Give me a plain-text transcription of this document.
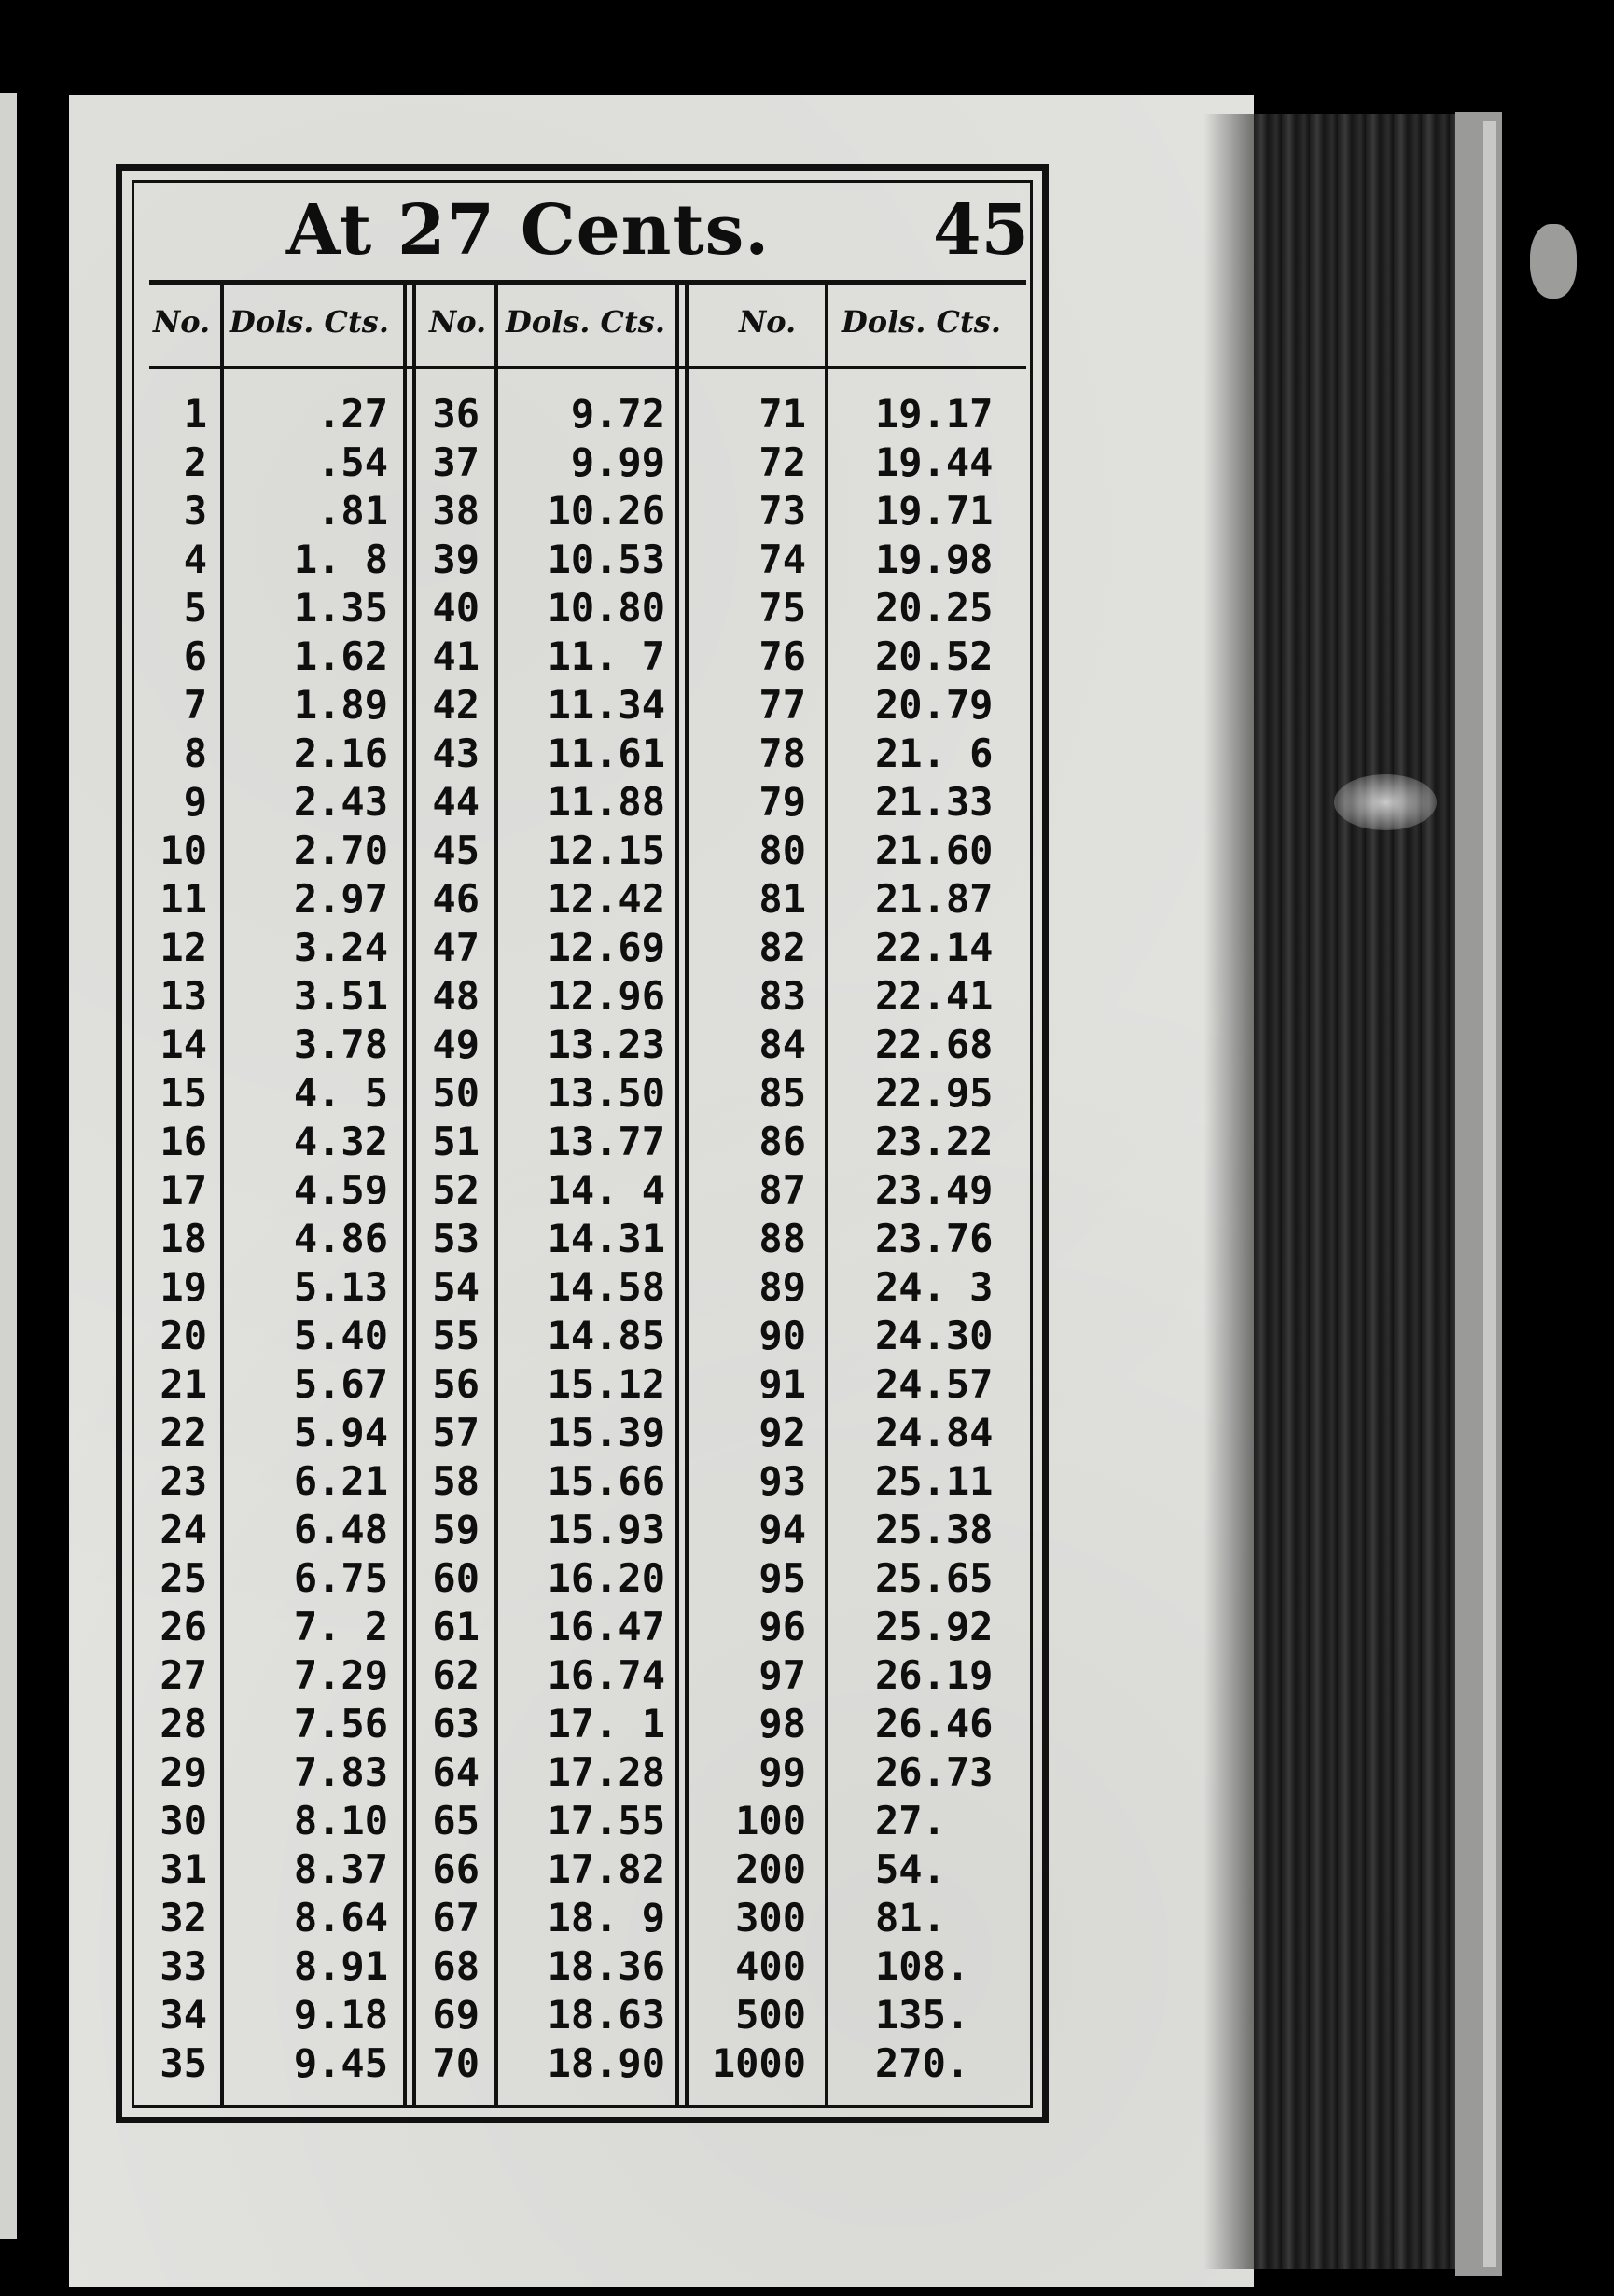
At 27 Cents. 45
No. Dols. Cts. No. Dols. Cts. No. Dols. Cts.
1
2
3
4
5
6
7
8
9
10
11
12
13
14
15
16
17
18
19
20
21
22
23
24
25
26
27
28
29
30
31
32
33
34
35
.27
.54
.81
1. 8
1.35
1.62
1.89
2.16
2.43
2.70
2.97
3.24
3.51
3.78
4. 5
4.32
4.59
4.86
5.13
5.40
5.67
5.94
6.21
6.48
6.75
7. 2
7.29
7.56
7.83
8.10
8.37
8.64
8.91
9.18
9.45
36
37
38
39
40
41
42
43
44
45
46
47
48
49
50
51
52
53
54
55
56
57
58
59
60
61
62
63
64
65
66
67
68
69
70
9.72
9.99
10.26
10.53
10.80
11. 7
11.34
11.61
11.88
12.15
12.42
12.69
12.96
13.23
13.50
13.77
14. 4
14.31
14.58
14.85
15.12
15.39
15.66
15.93
16.20
16.47
16.74
17. 1
17.28
17.55
17.82
18. 9
18.36
18.63
18.90
71
72
73
74
75
76
77
78
79
80
81
82
83
84
85
86
87
88
89
90
91
92
93
94
95
96
97
98
99
100
200
300
400
500
1000
19.17
19.44
19.71
19.98
20.25
20.52
20.79
21. 6
21.33
21.60
21.87
22.14
22.41
22.68
22.95
23.22
23.49
23.76
24. 3
24.30
24.57
24.84
25.11
25.38
25.65
25.92
26.19
26.46
26.73
27.
54.
81.
108.
135.
270.
